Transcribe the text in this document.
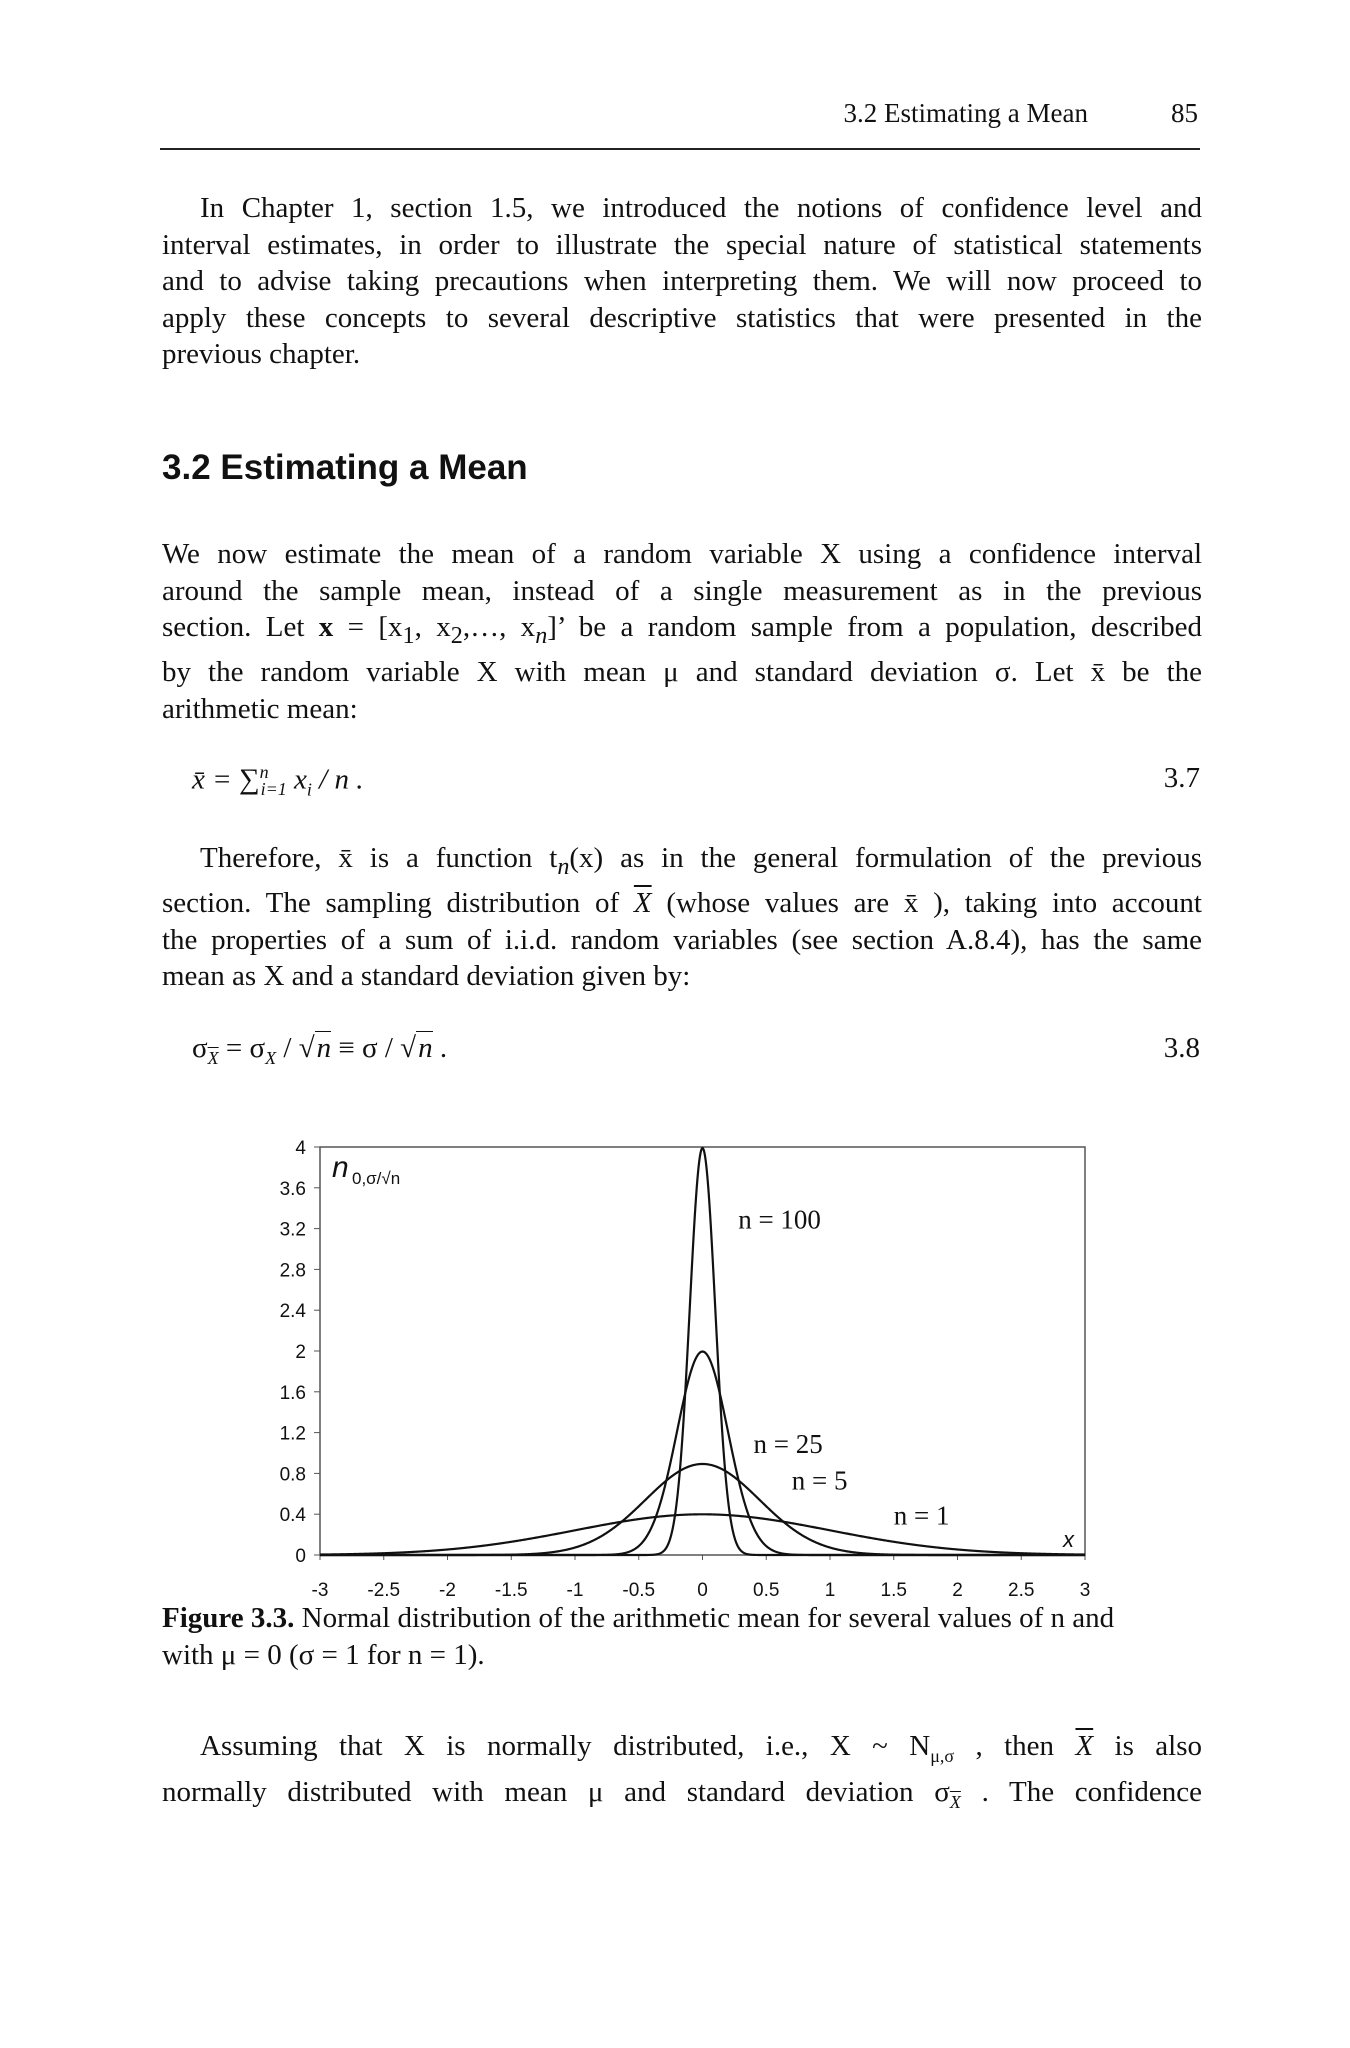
3.2 Estimating a Mean	85
In Chapter 1, section 1.5, we introduced the notions of confidence level and
interval estimates, in order to illustrate the special nature of statistical statements
and to advise taking precautions when interpreting them. We will now proceed to
apply these concepts to several descriptive statistics that were presented in the
previous chapter.
3.2 Estimating a Mean
We now estimate the mean of a random variable X using a confidence interval
around the sample mean, instead of a single measurement as in the previous
section. Let $x = [x_1$, $x_2,\dots$, $x_n$]’ be a random sample from a population, described
by the random variable X with mean μ and standard deviation σ. Let x̄ be the
arithmetic mean:
x̄ = ∑$^n_{i=1}$ $x_i$ / n .	3.7
Therefore, x̄ is a function $t_n(x)$ as in the general formulation of the previous
section. The sampling distribution of $\overline{X}$ (whose values are x̄ ), taking into account
the properties of a sum of i.i.d. random variables (see section A.8.4), has the same
mean as X and a standard deviation given by:
$\sigma_{\overline{X}} = \sigma_X / √n \equiv \sigma / √n$ .	3.8
0
0.4
0.8
1.2
1.6
2
2.4
2.8
3.2
3.6
4
-3 -2.5 -2 -1.5 -1 -0.5 0 0.5 1 1.5 2 2.5 3
n = 1
n = 5
n = 25
n = 100
n 0,σ/√n
x
Figure 3.3. Normal distribution of the arithmetic mean for several values of n and
with μ = 0 (σ = 1 for n = 1).
Assuming that X is normally distributed, i.e., X ~ $N_{\mu,\sigma}$ , then $\overline{X}$ is also
normally distributed with mean μ and standard deviation $\sigma_{\overline{X}}$ . The confidence
